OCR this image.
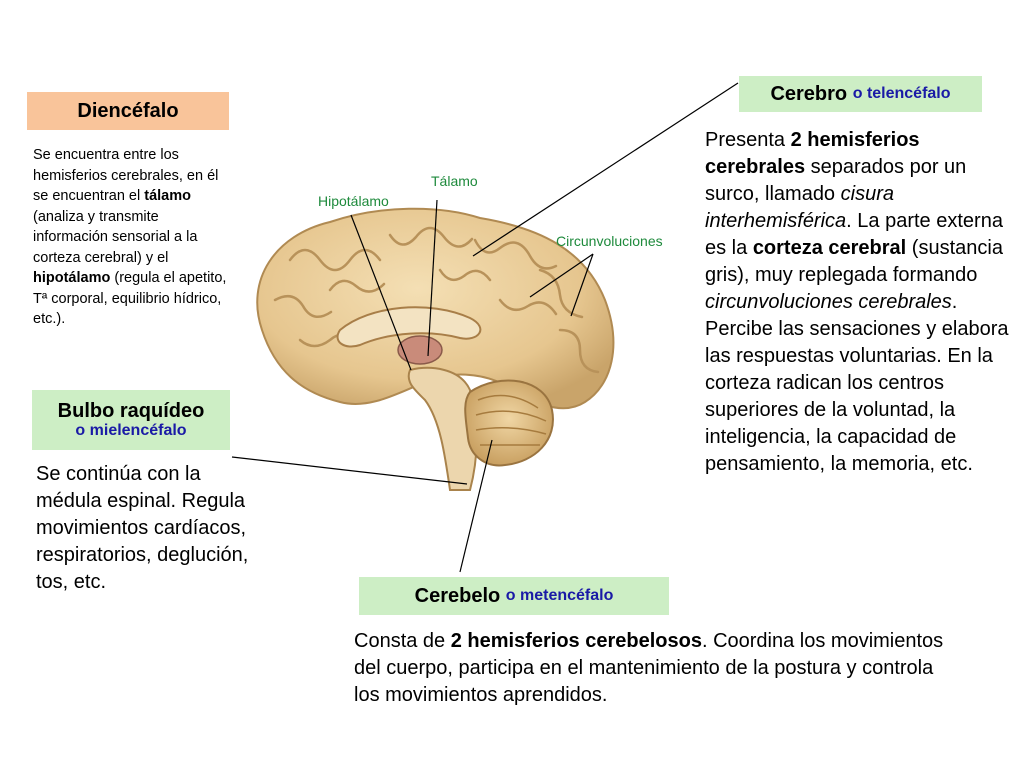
Diencéfalo
Se encuentra entre los hemisferios cerebrales, en él se encuentran el tálamo (analiza y transmite información sensorial a la corteza cerebral) y el hipotálamo (regula el apetito, Tª corporal, equilibrio hídrico, etc.).
Bulbo raquídeo
o mielencéfalo
Se continúa con la médula espinal. Regula movimientos cardíacos, respiratorios, deglución, tos, etc.
Cerebro
o telencéfalo
Presenta 2 hemisferios cerebrales separados por un surco, llamado cisura interhemisférica. La parte externa es la corteza cerebral (sustancia gris), muy replegada formando circunvoluciones cerebrales. Percibe las sensaciones y elabora las respuestas voluntarias. En la corteza radican los centros superiores de la voluntad, la inteligencia, la capacidad de pensamiento, la memoria, etc.
Cerebelo
o metencéfalo
Consta de 2 hemisferios cerebelosos. Coordina los movimientos del cuerpo, participa en el mantenimiento de la postura y controla los movimientos aprendidos.
Tálamo
Hipotálamo
Circunvoluciones
